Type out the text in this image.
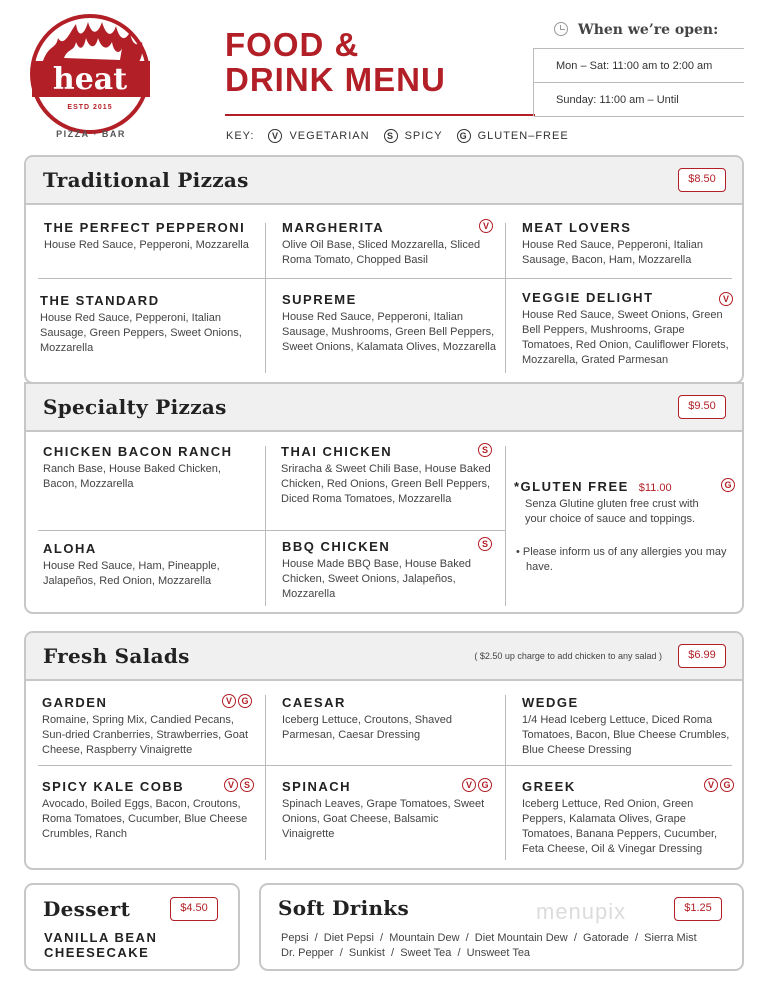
heat
ESTD 2015
PIZZA · BAR
FOOD &
DRINK MENU
When we’re open:
Mon – Sat: 11:00 am to 2:00 am
Sunday: 11:00 am – Until
KEY:	V VEGETARIAN	S SPICY	G GLUTEN–FREE
Traditional Pizzas	$8.50
THE PERFECT PEPPERONI
House Red Sauce, Pepperoni, Mozzarella
MARGHERITA
Olive Oil Base, Sliced Mozzarella, Sliced Roma Tomato, Chopped Basil
V	MEAT LOVERS
House Red Sauce, Pepperoni, Italian Sausage, Bacon, Ham, Mozzarella
THE STANDARD
House Red Sauce, Pepperoni, Italian Sausage, Green Peppers, Sweet Onions, Mozzarella
SUPREME
House Red Sauce, Pepperoni, Italian Sausage, Mushrooms, Green Bell Peppers, Sweet Onions, Kalamata Olives, Mozzarella
VEGGIE DELIGHT
House Red Sauce, Sweet Onions, Green Bell Peppers, Mushrooms, Grape Tomatoes, Red Onion, Cauliflower Florets, Mozzarella, Grated Parmesan
V
Specialty Pizzas	$9.50
CHICKEN BACON RANCH
Ranch Base, House Baked Chicken, Bacon, Mozzarella
THAI CHICKEN
Sriracha & Sweet Chili Base, House Baked Chicken, Red Onions, Green Bell Peppers, Diced Roma Tomatoes, Mozzarella
S
ALOHA
House Red Sauce, Ham, Pineapple, Jalapeños, Red Onion, Mozzarella
BBQ CHICKEN
House Made BBQ Base, House Baked Chicken, Sweet Onions, Jalapeños, Mozzarella
S
*GLUTEN FREE $11.00
Senza Glutine gluten free crust with your choice of sauce and toppings.
G
• Please inform us of any allergies you may have.
Fresh Salads	( $2.50 up charge to add chicken to any salad )	$6.99
GARDEN
Romaine, Spring Mix, Candied Pecans, Sun-dried Cranberries, Strawberries, Goat Cheese, Raspberry Vinaigrette
V	G	CAESAR
Iceberg Lettuce, Croutons, Shaved Parmesan, Caesar Dressing
WEDGE
1/4 Head Iceberg Lettuce, Diced Roma Tomatoes, Bacon, Blue Cheese Crumbles, Blue Cheese Dressing
SPICY KALE COBB
Avocado, Boiled Eggs, Bacon, Croutons, Roma Tomatoes, Cucumber, Blue Cheese Crumbles, Ranch
V	S	SPINACH
Spinach Leaves, Grape Tomatoes, Sweet Onions, Goat Cheese, Balsamic Vinaigrette
V	G	GREEK
Iceberg Lettuce, Red Onion, Green Peppers, Kalamata Olives, Grape Tomatoes, Banana Peppers, Cucumber, Feta Cheese, Oil & Vinegar Dressing
V	G
Dessert	$4.50
VANILLA BEAN CHEESECAKE
Soft Drinks	$1.25
Pepsi  /  Diet Pepsi  /  Mountain Dew  /  Diet Mountain Dew  /  Gatorade  /  Sierra Mist
Dr. Pepper  /  Sunkist  /  Sweet Tea  /  Unsweet Tea
menupix
